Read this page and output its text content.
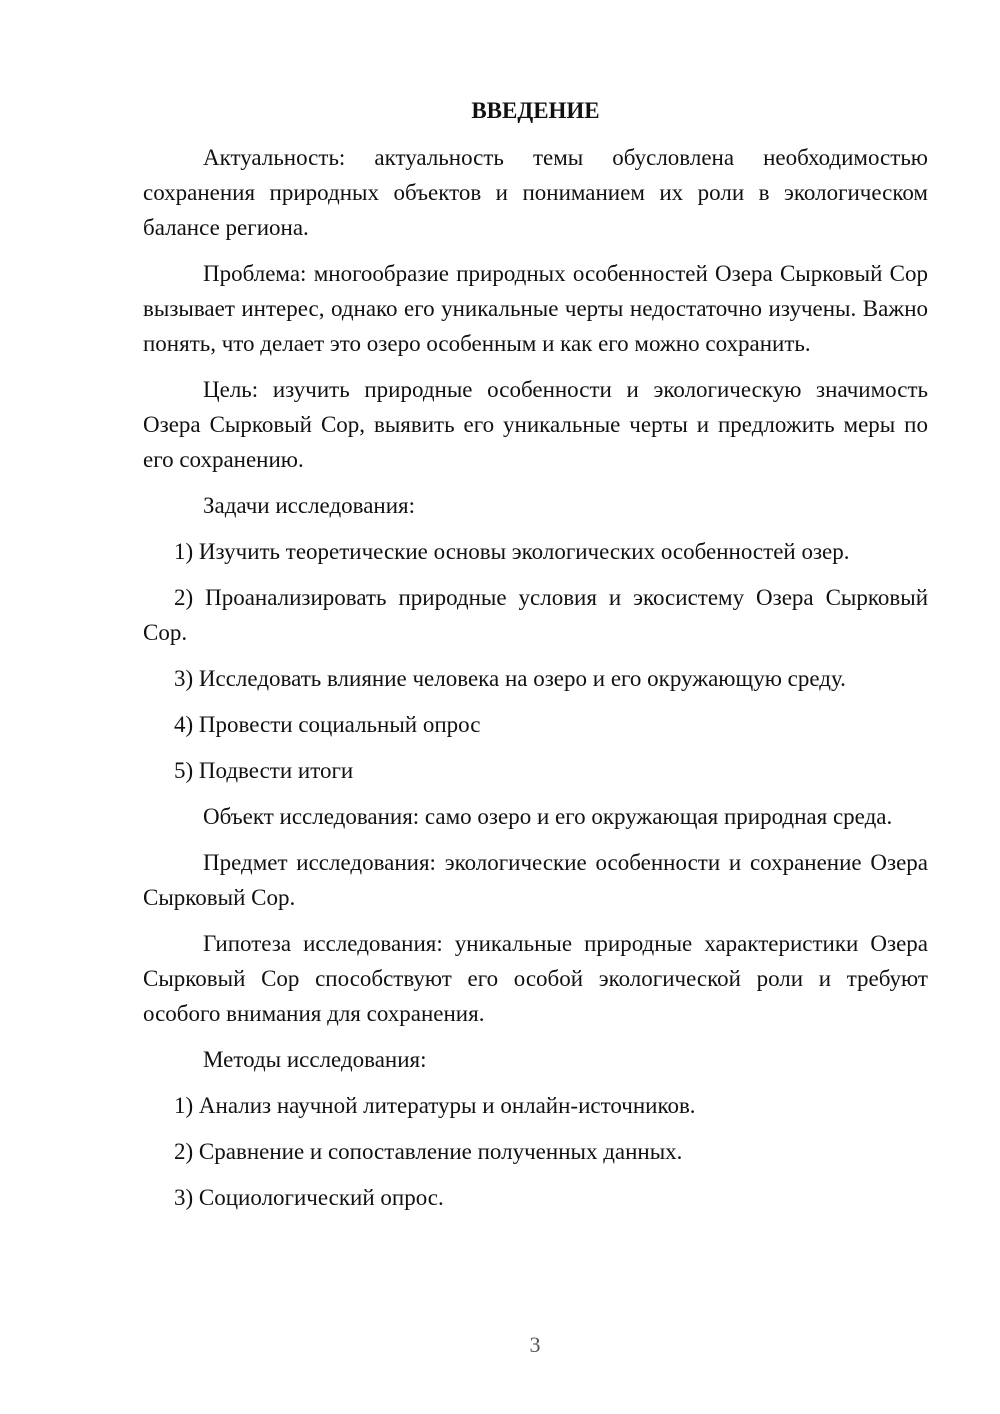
ВВЕДЕНИЕ

Актуальность: актуальность темы обусловлена необходимостью сохранения природных объектов и пониманием их роли в экологическом балансе региона.

Проблема: многообразие природных особенностей Озера Сырковый Сор вызывает интерес, однако его уникальные черты недостаточно изучены. Важно понять, что делает это озеро особенным и как его можно сохранить.

Цель: изучить природные особенности и экологическую значимость Озера Сырковый Сор, выявить его уникальные черты и предложить меры по его сохранению.

Задачи исследования:

1) Изучить теоретические основы экологических особенностей озер.

2) Проанализировать природные условия и экосистему Озера Сырковый Сор.

3) Исследовать влияние человека на озеро и его окружающую среду.

4) Провести социальный опрос

5) Подвести итоги

Объект исследования: само озеро и его окружающая природная среда.

Предмет исследования: экологические особенности и сохранение Озера Сырковый Сор.

Гипотеза исследования: уникальные природные характеристики Озера Сырковый Сор способствуют его особой экологической роли и требуют особого внимания для сохранения.

Методы исследования:

1) Анализ научной литературы и онлайн-источников.

2) Сравнение и сопоставление полученных данных.

3) Социологический опрос.

3
